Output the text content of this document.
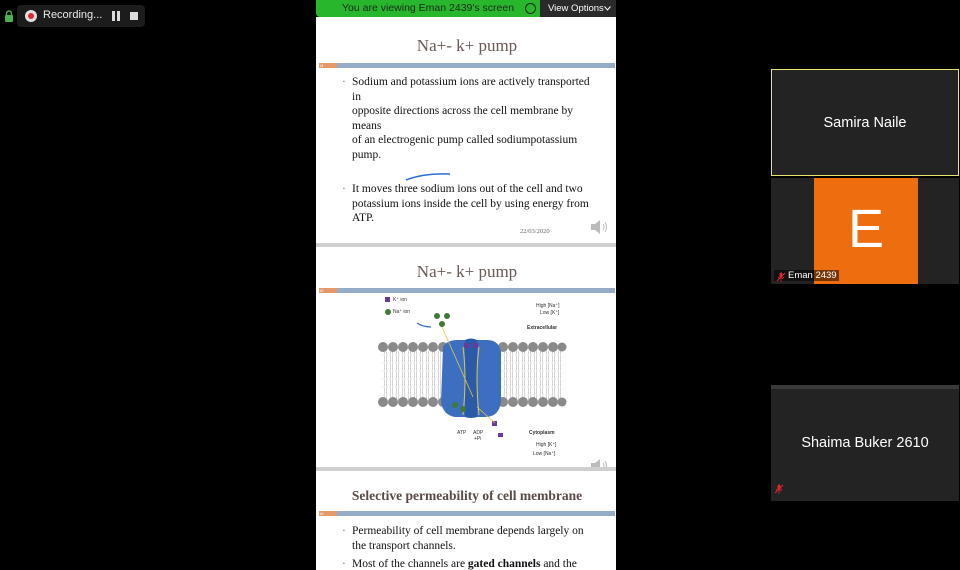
Recording...
You are viewing Eman 2439's screen	View Options
Na+- k+ pump
14
· Sodium and potassium ions are actively transported
in
opposite directions across the cell membrane by
means
of an electrogenic pump called sodiumpotassium
pump.
· It moves three sodium ions out of the cell and two
potassium ions inside the cell by using energy from
ATP.
22/03/2020
Na+- k+ pump
15
K⁺ ion
Na⁺ ion
High [Na⁺]
Low [K⁺]
Extracellular
ATP ADP
+Pi
Cytoplasm
High [K⁺]
Low [Na⁺]
Selective permeability of cell membrane
16
· Permeability of cell membrane depends largely on
the transport channels.
· Most of the channels are gated channels and the
Samira Naile
E
Eman 2439
Shaima Buker 2610
